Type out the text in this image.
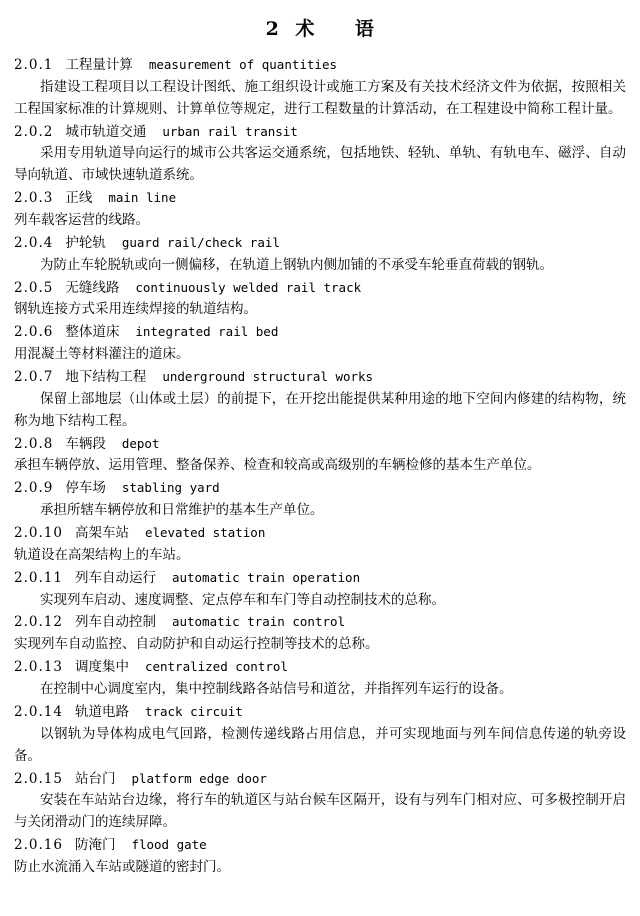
2 术 语
2.0.1 工程量计算 measurement of quantities
指建设工程项目以工程设计图纸、施工组织设计或施工方案及有关技术经济文件为依据，按照相关工程国家标准的计算规则、计算单位等规定，进行工程数量的计算活动，在工程建设中简称工程计量。
2.0.2 城市轨道交通 urban rail transit
采用专用轨道导向运行的城市公共客运交通系统，包括地铁、轻轨、单轨、有轨电车、磁浮、自动导向轨道、市域快速轨道系统。
2.0.3 正线 main line
列车载客运营的线路。
2.0.4 护轮轨 guard rail/check rail
为防止车轮脱轨或向一侧偏移，在轨道上钢轨内侧加铺的不承受车轮垂直荷载的钢轨。
2.0.5 无缝线路 continuously welded rail track
钢轨连接方式采用连续焊接的轨道结构。
2.0.6 整体道床 integrated rail bed
用混凝土等材料灌注的道床。
2.0.7 地下结构工程 underground structural works
保留上部地层（山体或土层）的前提下，在开挖出能提供某种用途的地下空间内修建的结构物，统称为地下结构工程。
2.0.8 车辆段 depot
承担车辆停放、运用管理、整备保养、检查和较高或高级别的车辆检修的基本生产单位。
2.0.9 停车场 stabling yard
承担所辖车辆停放和日常维护的基本生产单位。
2.0.10 高架车站 elevated station
轨道设在高架结构上的车站。
2.0.11 列车自动运行 automatic train operation
实现列车启动、速度调整、定点停车和车门等自动控制技术的总称。
2.0.12 列车自动控制 automatic train control
实现列车自动监控、自动防护和自动运行控制等技术的总称。
2.0.13 调度集中 centralized control
在控制中心调度室内，集中控制线路各站信号和道岔，并指挥列车运行的设备。
2.0.14 轨道电路 track circuit
以钢轨为导体构成电气回路，检测传递线路占用信息，并可实现地面与列车间信息传递的轨旁设备。
2.0.15 站台门 platform edge door
安装在车站站台边缘，将行车的轨道区与站台候车区隔开，设有与列车门相对应、可多极控制开启与关闭滑动门的连续屏障。
2.0.16 防淹门 flood gate
防止水流涌入车站或隧道的密封门。
